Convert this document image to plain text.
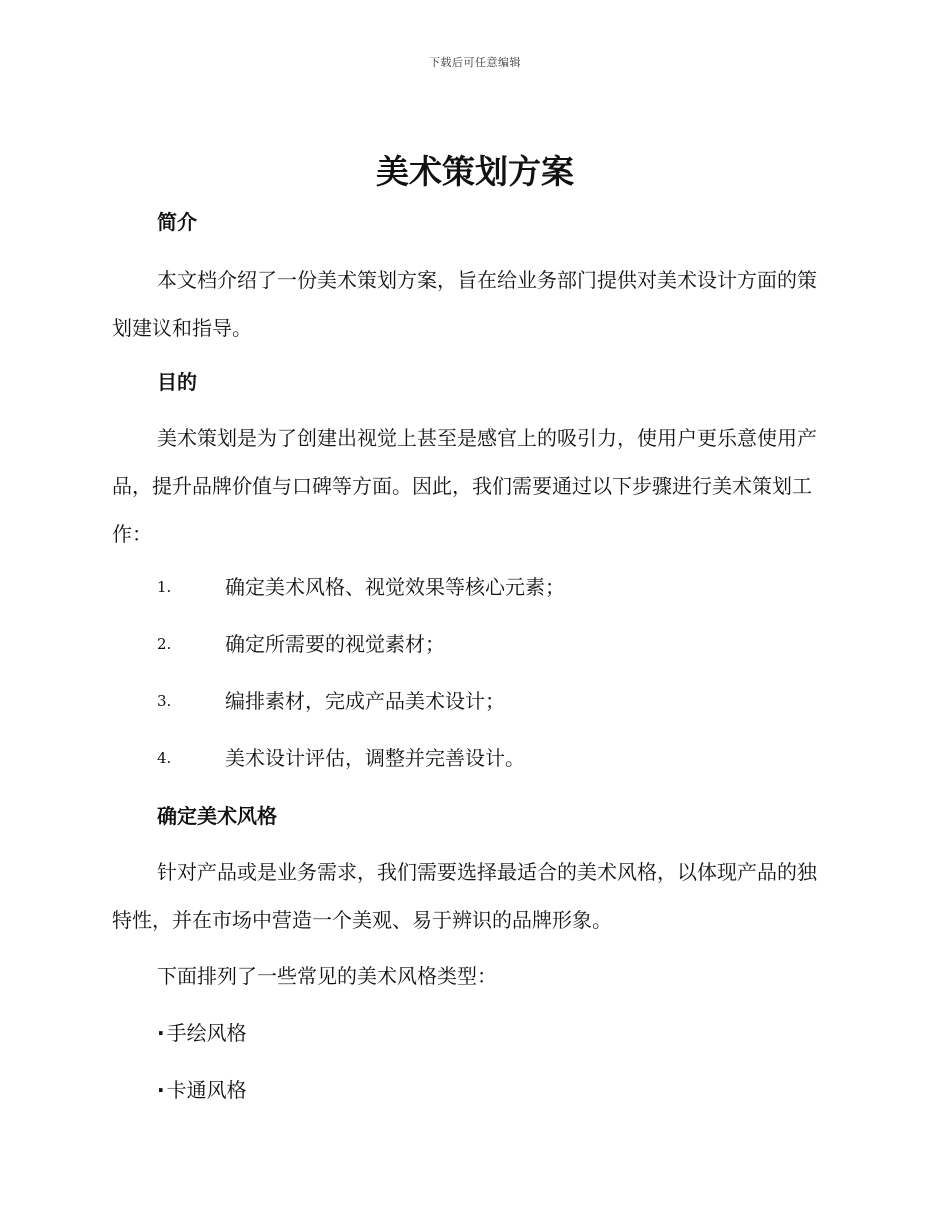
下载后可任意编辑
美术策划方案
简介

本文档介绍了一份美术策划方案，旨在给业务部门提供对美术设计方面的策划建议和指导。

目的

美术策划是为了创建出视觉上甚至是感官上的吸引力，使用户更乐意使用产品，提升品牌价值与口碑等方面。因此，我们需要通过以下步骤进行美术策划工作：

1.	确定美术风格、视觉效果等核心元素；
2.	确定所需要的视觉素材；
3.	编排素材，完成产品美术设计；
4.	美术设计评估，调整并完善设计。
确定美术风格

针对产品或是业务需求，我们需要选择最适合的美术风格，以体现产品的独特性，并在市场中营造一个美观、易于辨识的品牌形象。

下面排列了一些常见的美术风格类型：
· 手绘风格
· 卡通风格
